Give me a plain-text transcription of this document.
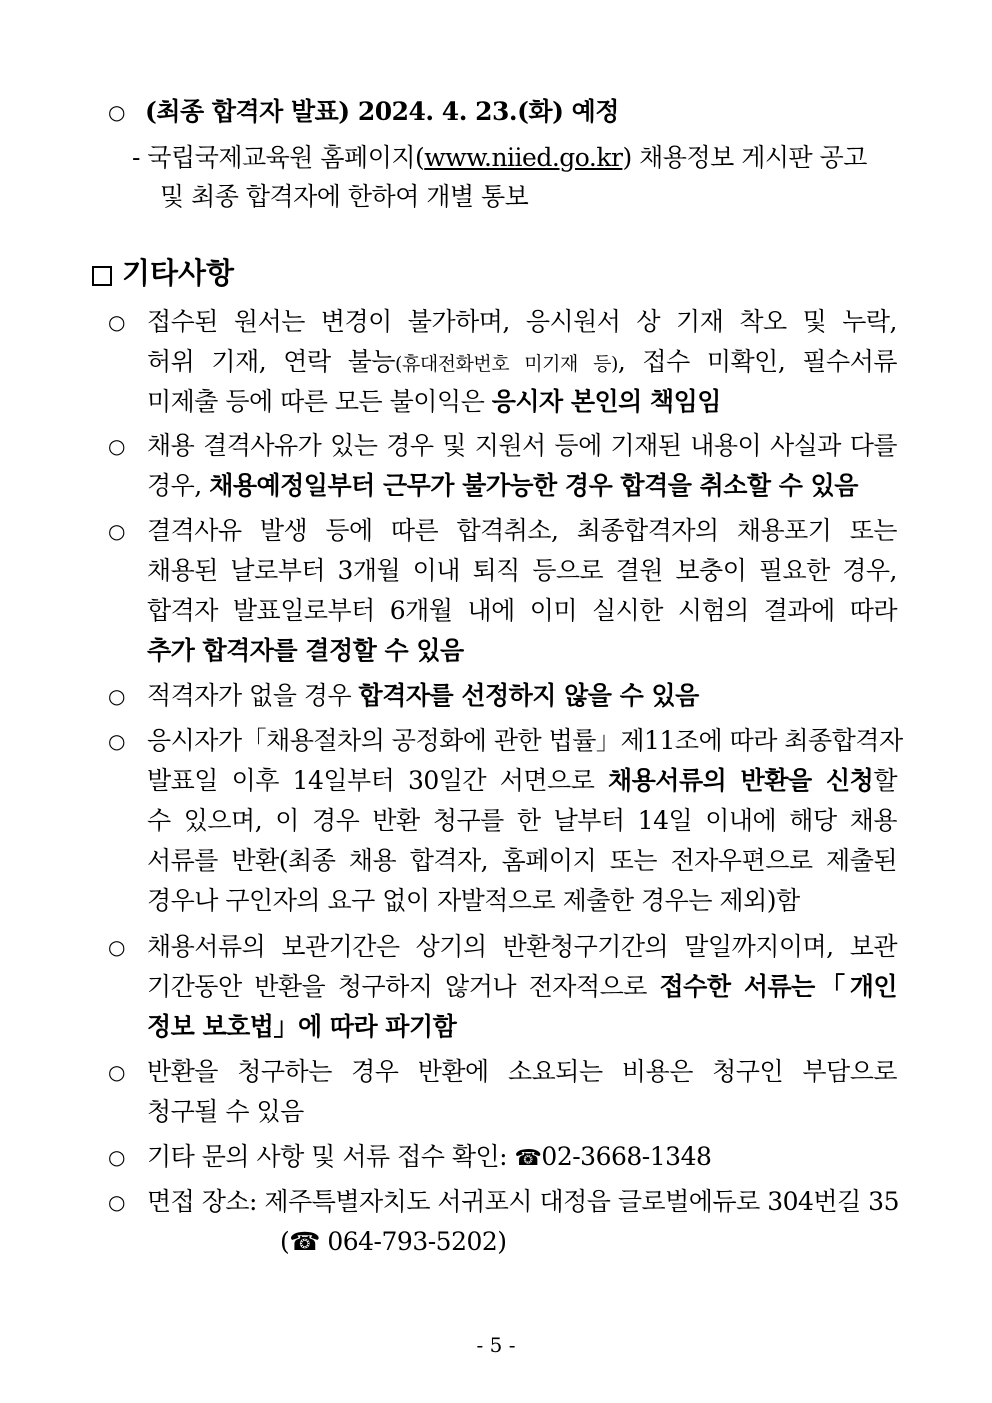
○ (최종 합격자 발표) 2024. 4. 23.(화) 예정
- 국립국제교육원 홈페이지(www.niied.go.kr) 채용정보 게시판 공고
및 최종 합격자에 한하여 개별 통보
기타사항
○ 접수된 원서는 변경이 불가하며, 응시원서 상 기재 착오 및 누락,
허위 기재, 연락 불능(휴대전화번호 미기재 등), 접수 미확인, 필수서류
미제출 등에 따른 모든 불이익은 응시자 본인의 책임임
○ 채용 결격사유가 있는 경우 및 지원서 등에 기재된 내용이 사실과 다를
경우, 채용예정일부터 근무가 불가능한 경우 합격을 취소할 수 있음
○ 결격사유 발생 등에 따른 합격취소, 최종합격자의 채용포기 또는
채용된 날로부터 3개월 이내 퇴직 등으로 결원 보충이 필요한 경우,
합격자 발표일로부터 6개월 내에 이미 실시한 시험의 결과에 따라
추가 합격자를 결정할 수 있음
○ 적격자가 없을 경우 합격자를 선정하지 않을 수 있음
○ 응시자가「채용절차의 공정화에 관한 법률」제11조에 따라 최종합격자
발표일 이후 14일부터 30일간 서면으로 채용서류의 반환을 신청할
수 있으며, 이 경우 반환 청구를 한 날부터 14일 이내에 해당 채용
서류를 반환(최종 채용 합격자, 홈페이지 또는 전자우편으로 제출된
경우나 구인자의 요구 없이 자발적으로 제출한 경우는 제외)함
○ 채용서류의 보관기간은 상기의 반환청구기간의 말일까지이며, 보관
기간동안 반환을 청구하지 않거나 전자적으로 접수한 서류는「개인
정보 보호법」에 따라 파기함
○ 반환을 청구하는 경우 반환에 소요되는 비용은 청구인 부담으로
청구될 수 있음
○ 기타 문의 사항 및 서류 접수 확인: ☎02-3668-1348
○ 면접 장소: 제주특별자치도 서귀포시 대정읍 글로벌에듀로 304번길 35
(☎ 064-793-5202)
- 5 -
